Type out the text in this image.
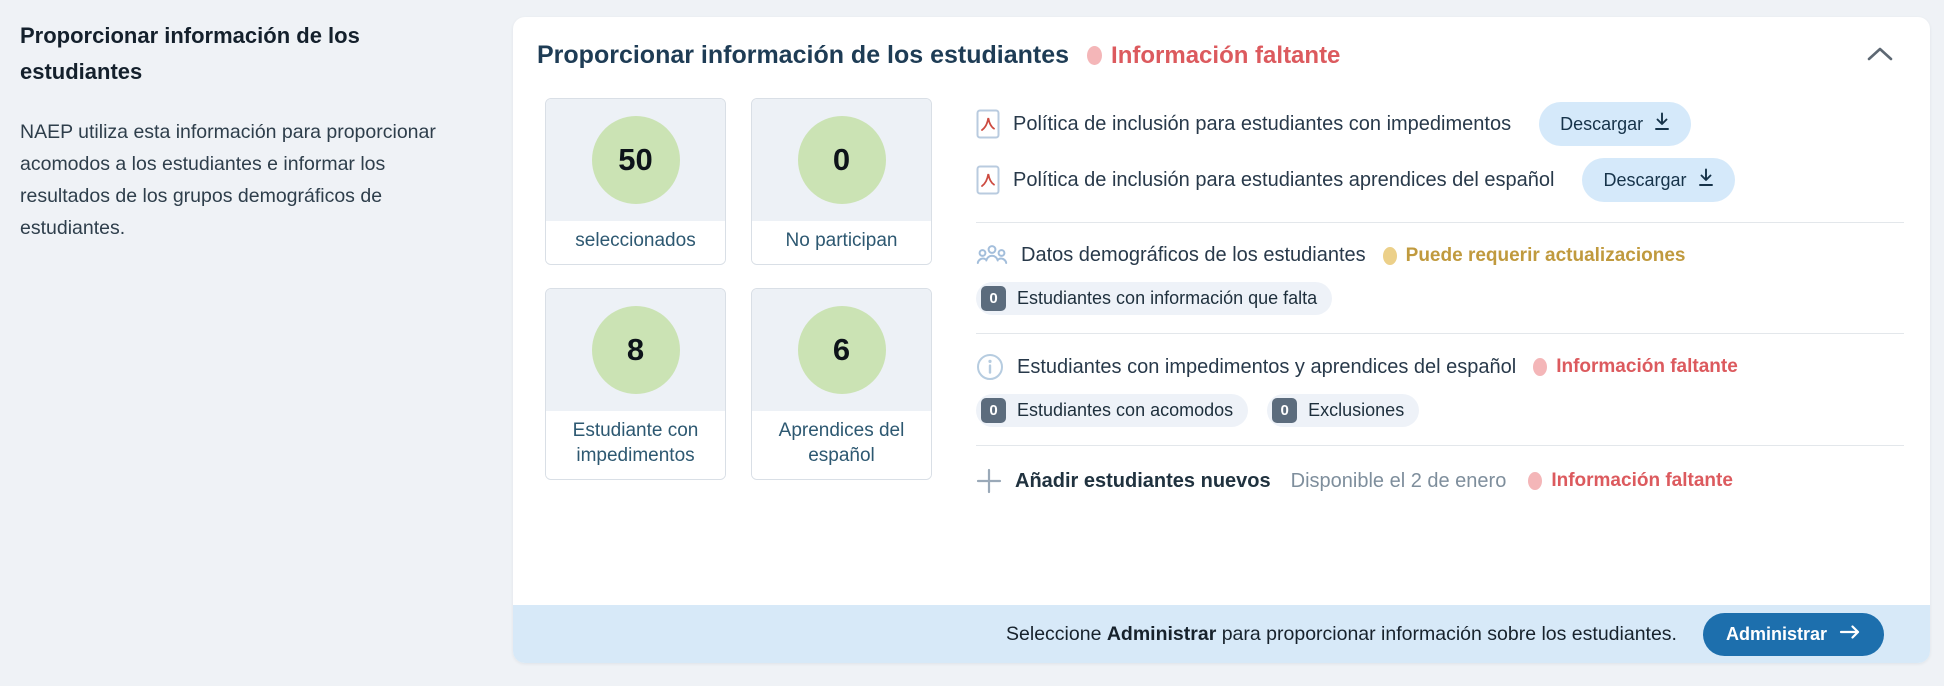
Proporcionar información de los estudiantes

NAEP utiliza esta información para proporcionar acomodos a los estudiantes e informar los resultados de los grupos demográficos de estudiantes.

Proporcionar información de los estudiantes Información faltante
50
seleccionados
0
No participan
8
Estudiante con impedimentos
6
Aprendices del español
Política de inclusión para estudiantes con impedimentos	Descargar
Política de inclusión para estudiantes aprendices del español	Descargar
Datos demográficos de los estudiantes Puede requerir actualizaciones
0	Estudiantes con información que falta
Estudiantes con impedimentos y aprendices del español Información faltante
0	Estudiantes con acomodos	0	Exclusiones
Añadir estudiantes nuevos Disponible el 2 de enero Información faltante

Seleccione Administrar para proporcionar información sobre los estudiantes.	Administrar
